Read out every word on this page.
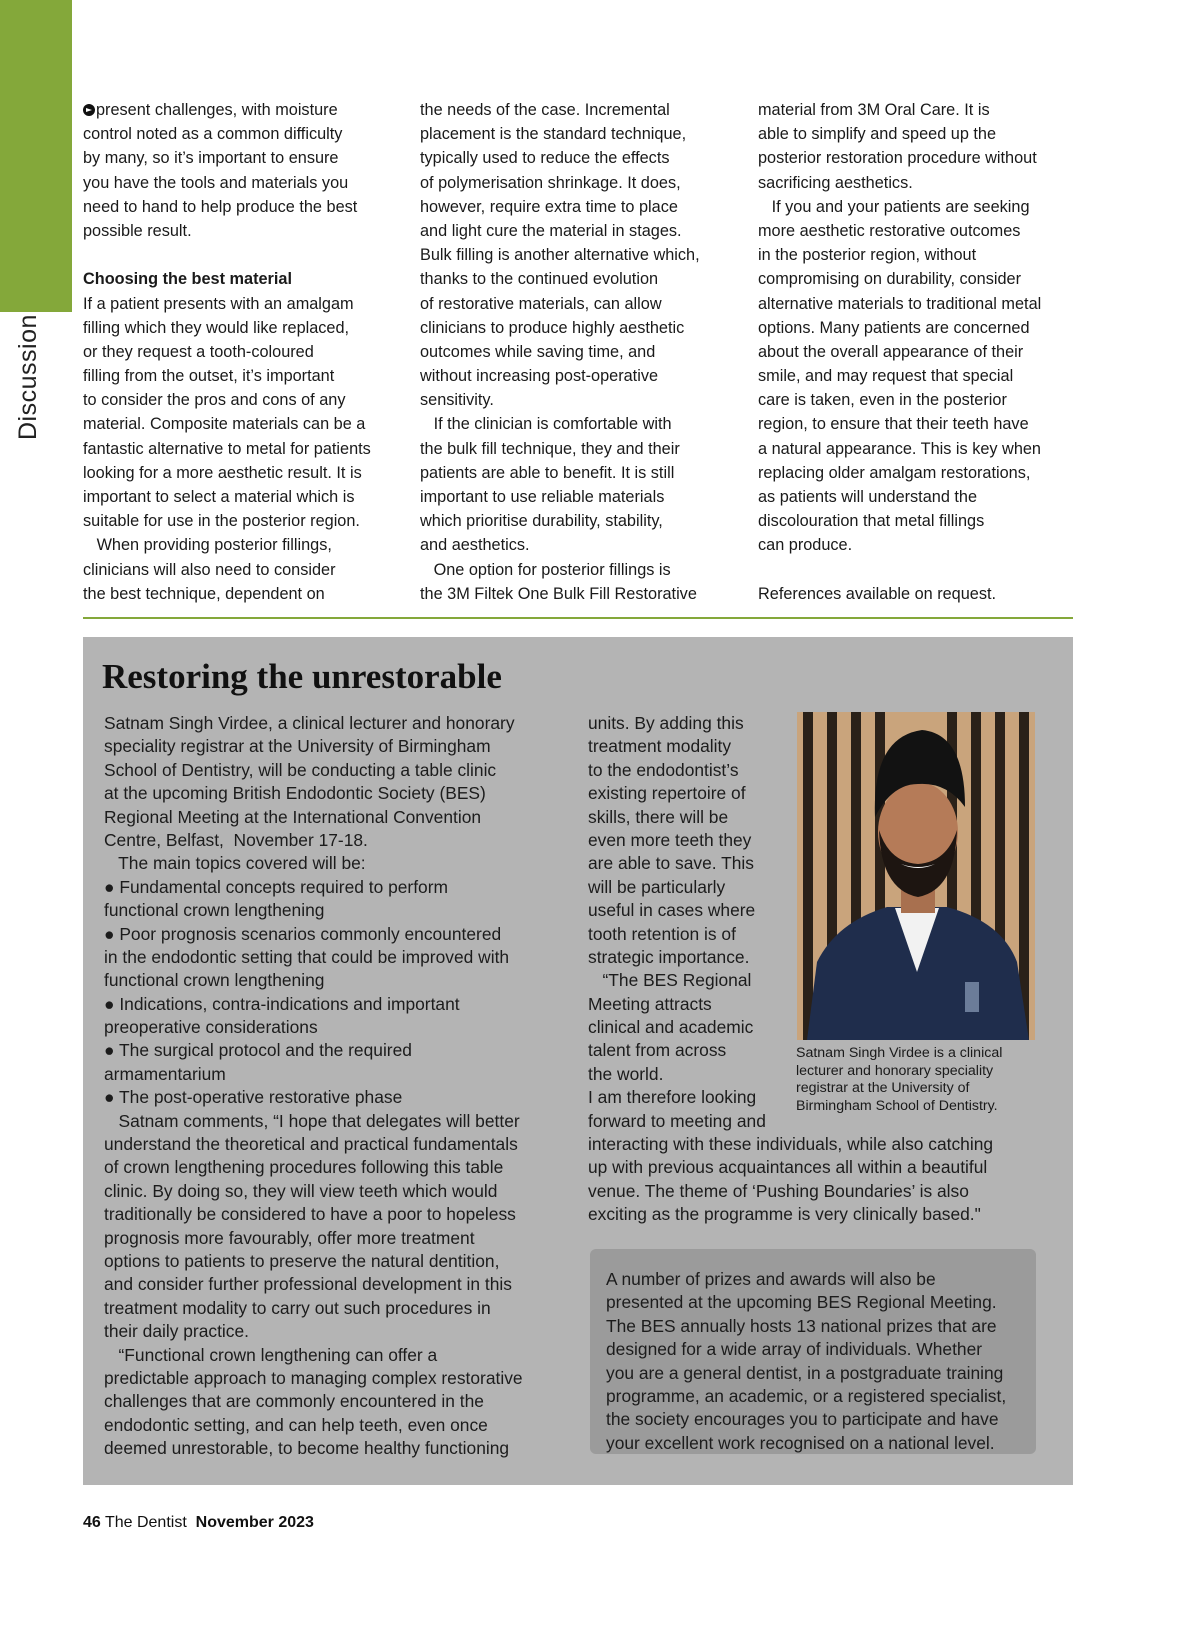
Discussion
present challenges, with moisture
control noted as a common difficulty
by many, so it’s important to ensure
you have the tools and materials you
need to hand to help produce the best
possible result.
Choosing the best material
If a patient presents with an amalgam
filling which they would like replaced,
or they request a tooth-coloured
filling from the outset, it’s important
to consider the pros and cons of any
material. Composite materials can be a
fantastic alternative to metal for patients
looking for a more aesthetic result. It is
important to select a material which is
suitable for use in the posterior region.
When providing posterior fillings,
clinicians will also need to consider
the best technique, dependent on
the needs of the case. Incremental
placement is the standard technique,
typically used to reduce the effects
of polymerisation shrinkage. It does,
however, require extra time to place
and light cure the material in stages.
Bulk filling is another alternative which,
thanks to the continued evolution
of restorative materials, can allow
clinicians to produce highly aesthetic
outcomes while saving time, and
without increasing post-operative
sensitivity.
If the clinician is comfortable with
the bulk fill technique, they and their
patients are able to benefit. It is still
important to use reliable materials
which prioritise durability, stability,
and aesthetics.
One option for posterior fillings is
the 3M Filtek One Bulk Fill Restorative
material from 3M Oral Care. It is
able to simplify and speed up the
posterior restoration procedure without
sacrificing aesthetics.
If you and your patients are seeking
more aesthetic restorative outcomes
in the posterior region, without
compromising on durability, consider
alternative materials to traditional metal
options. Many patients are concerned
about the overall appearance of their
smile, and may request that special
care is taken, even in the posterior
region, to ensure that their teeth have
a natural appearance. This is key when
replacing older amalgam restorations,
as patients will understand the
discolouration that metal fillings
can produce.
References available on request.
Restoring the unrestorable
Satnam Singh Virdee, a clinical lecturer and honorary
speciality registrar at the University of Birmingham
School of Dentistry, will be conducting a table clinic
at the upcoming British Endodontic Society (BES)
Regional Meeting at the International Convention
Centre, Belfast,  November 17-18.
The main topics covered will be:
● Fundamental concepts required to perform
functional crown lengthening
● Poor prognosis scenarios commonly encountered
in the endodontic setting that could be improved with
functional crown lengthening
● Indications, contra-indications and important
preoperative considerations
● The surgical protocol and the required
armamentarium
● The post-operative restorative phase
Satnam comments, “I hope that delegates will better
understand the theoretical and practical fundamentals
of crown lengthening procedures following this table
clinic. By doing so, they will view teeth which would
traditionally be considered to have a poor to hopeless
prognosis more favourably, offer more treatment
options to patients to preserve the natural dentition,
and consider further professional development in this
treatment modality to carry out such procedures in
their daily practice.
“Functional crown lengthening can offer a
predictable approach to managing complex restorative
challenges that are commonly encountered in the
endodontic setting, and can help teeth, even once
deemed unrestorable, to become healthy functioning
units. By adding this
treatment modality
to the endodontist’s
existing repertoire of
skills, there will be
even more teeth they
are able to save. This
will be particularly
useful in cases where
tooth retention is of
strategic importance.
“The BES Regional
Meeting attracts
clinical and academic
talent from across
the world.
I am therefore looking
forward to meeting and
interacting with these individuals, while also catching
up with previous acquaintances all within a beautiful
venue. The theme of ‘Pushing Boundaries’ is also
exciting as the programme is very clinically based."
Satnam Singh Virdee is a clinical
lecturer and honorary speciality
registrar at the University of
Birmingham School of Dentistry.
A number of prizes and awards will also be
presented at the upcoming BES Regional Meeting.
The BES annually hosts 13 national prizes that are
designed for a wide array of individuals. Whether
you are a general dentist, in a postgraduate training
programme, an academic, or a registered specialist,
the society encourages you to participate and have
your excellent work recognised on a national level.
46 The Dentist November 2023
